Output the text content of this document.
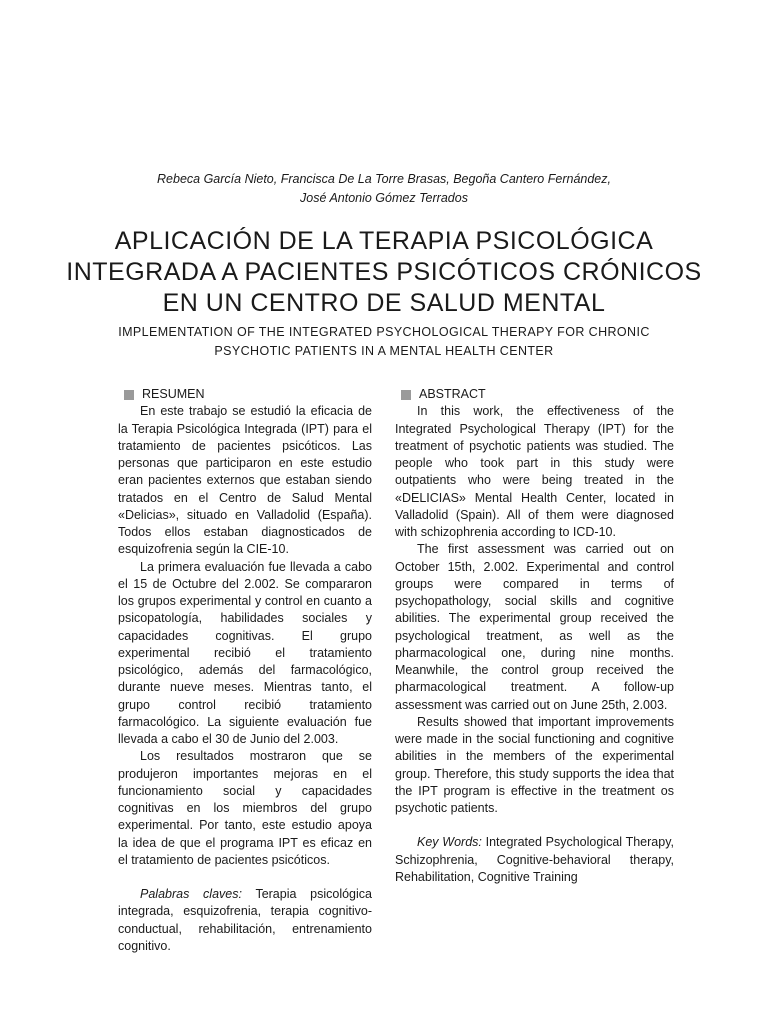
Rebeca García Nieto, Francisca De La Torre Brasas, Begoña Cantero Fernández,

José Antonio Gómez Terrados

APLICACIÓN DE LA TERAPIA PSICOLÓGICA

INTEGRADA A PACIENTES PSICÓTICOS CRÓNICOS

EN UN CENTRO DE SALUD MENTAL

IMPLEMENTATION OF THE INTEGRATED PSYCHOLOGICAL THERAPY FOR CHRONIC

PSYCHOTIC PATIENTS IN A MENTAL HEALTH CENTER

RESUMEN

En este trabajo se estudió la eficacia de la Terapia Psicológica Integrada (IPT) para el tratamiento de pacientes psicóticos. Las personas que participaron en este estudio eran pacientes externos que estaban siendo tratados en el Centro de Salud Mental «Delicias», situado en Valladolid (España). Todos ellos estaban diagnosticados de esquizofrenia según la CIE-10.

La primera evaluación fue llevada a cabo el 15 de Octubre del 2.002. Se compararon los grupos experimental y control en cuanto a psicopatología, habilidades sociales y capacidades cognitivas. El grupo experimental recibió el tratamiento psicológico, además del farmacológico, durante nueve meses. Mientras tanto, el grupo control recibió tratamiento farmacológico. La siguiente evaluación fue llevada a cabo el 30 de Junio del 2.003.

Los resultados mostraron que se produjeron importantes mejoras en el funcionamiento social y capacidades cognitivas en los miembros del grupo experimental. Por tanto, este estudio apoya la idea de que el programa IPT es eficaz en el tratamiento de pacientes psicóticos.

Palabras claves: Terapia psicológica integrada, esquizofrenia, terapia cognitivo-conductual, rehabilitación, entrenamiento cognitivo.

ABSTRACT

In this work, the effectiveness of the Integrated Psychological Therapy (IPT) for the treatment of psychotic patients was studied. The people who took part in this study were outpatients who were being treated in the «DELICIAS» Mental Health Center, located in Valladolid (Spain). All of them were diagnosed with schizophrenia according to ICD-10.

The first assessment was carried out on October 15th, 2.002. Experimental and control groups were compared in terms of psychopathology, social skills and cognitive abilities. The experimental group received the psychological treatment, as well as the pharmacological one, during nine months. Meanwhile, the control group received the pharmacological treatment. A follow-up assessment was carried out on June 25th, 2.003.

Results showed that important improvements were made in the social functioning and cognitive abilities in the members of the experimental group. Therefore, this study supports the idea that the IPT program is effective in the treatment os psychotic patients.

Key Words: Integrated Psychological Therapy, Schizophrenia, Cognitive-behavioral therapy, Rehabilitation, Cognitive Training
